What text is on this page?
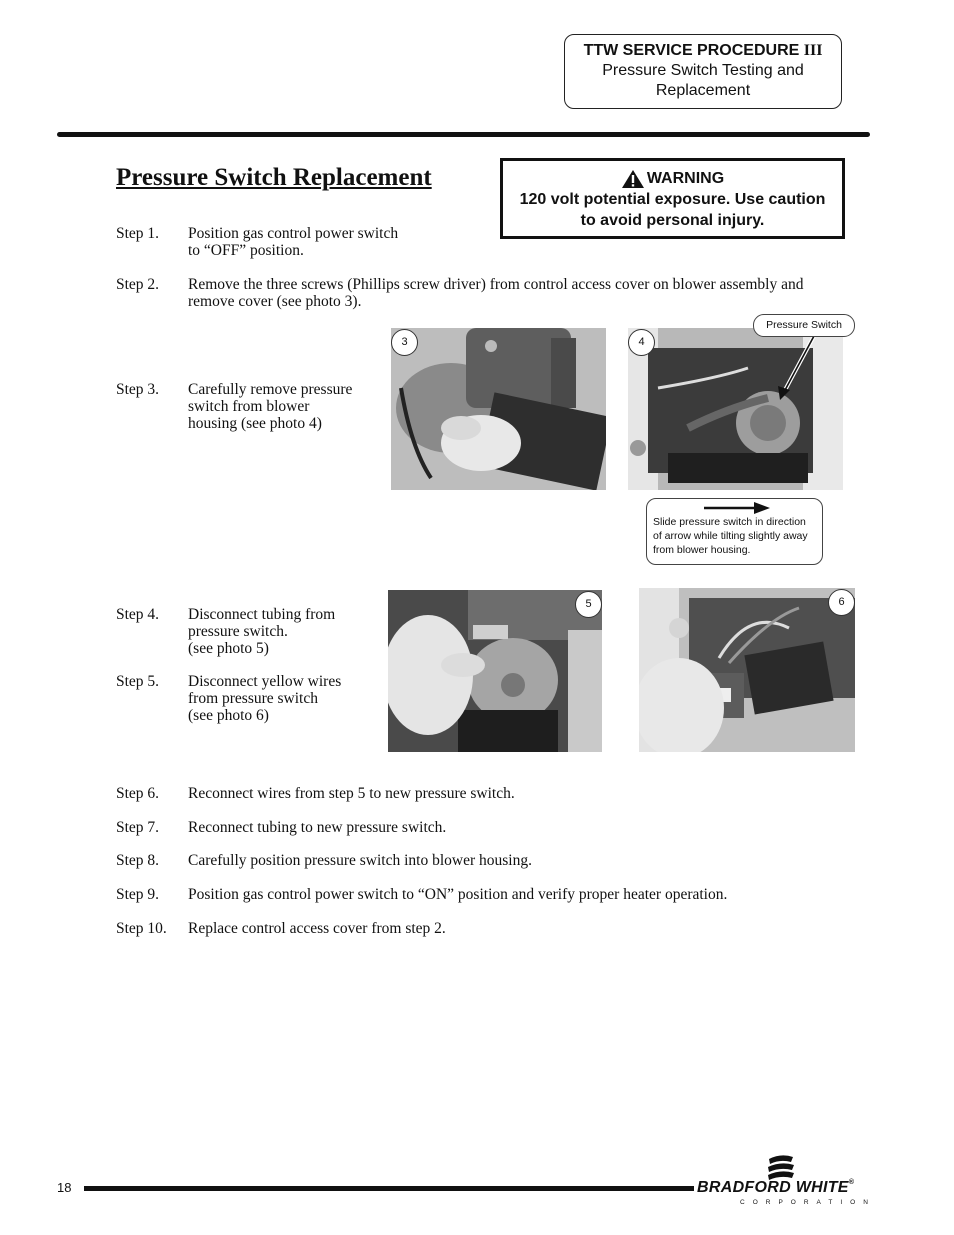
TTW SERVICE PROCEDURE III
Pressure Switch Testing and
Replacement
Pressure Switch Replacement	WARNING
120 volt potential exposure. Use caution
to avoid personal injury.
Step 1. Position gas control power switch
to “OFF” position.
Step 2. Remove the three screws (Phillips screw driver) from control access cover on blower assembly and
remove cover (see photo 3).
Step 3. Carefully remove pressure
switch from blower
housing (see photo 4)
3	4
Pressure Switch
Slide pressure switch in direction
of arrow while tilting slightly away
from blower housing.
Step 4. Disconnect tubing from
pressure switch.
(see photo 5)
Step 5. Disconnect yellow wires
from pressure switch
(see photo 6)
5	6
Step 6. Reconnect wires from step 5 to new pressure switch.
Step 7. Reconnect tubing to new pressure switch.
Step 8. Carefully position pressure switch into blower housing.
Step 9. Position gas control power switch to “ON” position and verify proper heater operation.
Step 10. Replace control access cover from step 2.
18	BRADFORD WHITE®
CORPORATION
